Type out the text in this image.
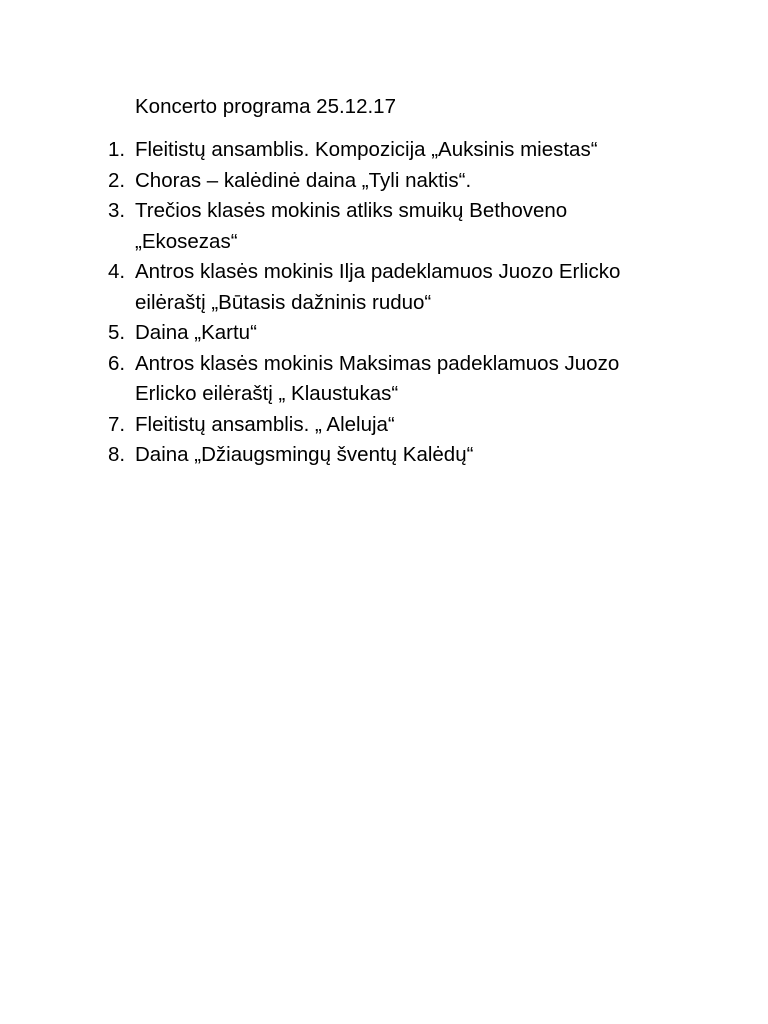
Koncerto programa 25.12.17
1. Fleitistų ansamblis. Kompozicija „Auksinis miestas“
2. Choras – kalėdinė daina „Tyli naktis“.
3. Trečios klasės mokinis atliks smuikų Bethoveno „Ekosezas“
4. Antros klasės mokinis Ilja padeklamuos Juozo Erlicko eilėraštį „Būtasis dažninis ruduo“
5. Daina „Kartu“
6. Antros klasės mokinis Maksimas padeklamuos Juozo Erlicko eilėraštį „ Klaustukas“
7. Fleitistų ansamblis. „ Aleluja“
8. Daina „Džiaugsmingų šventų Kalėdų“
